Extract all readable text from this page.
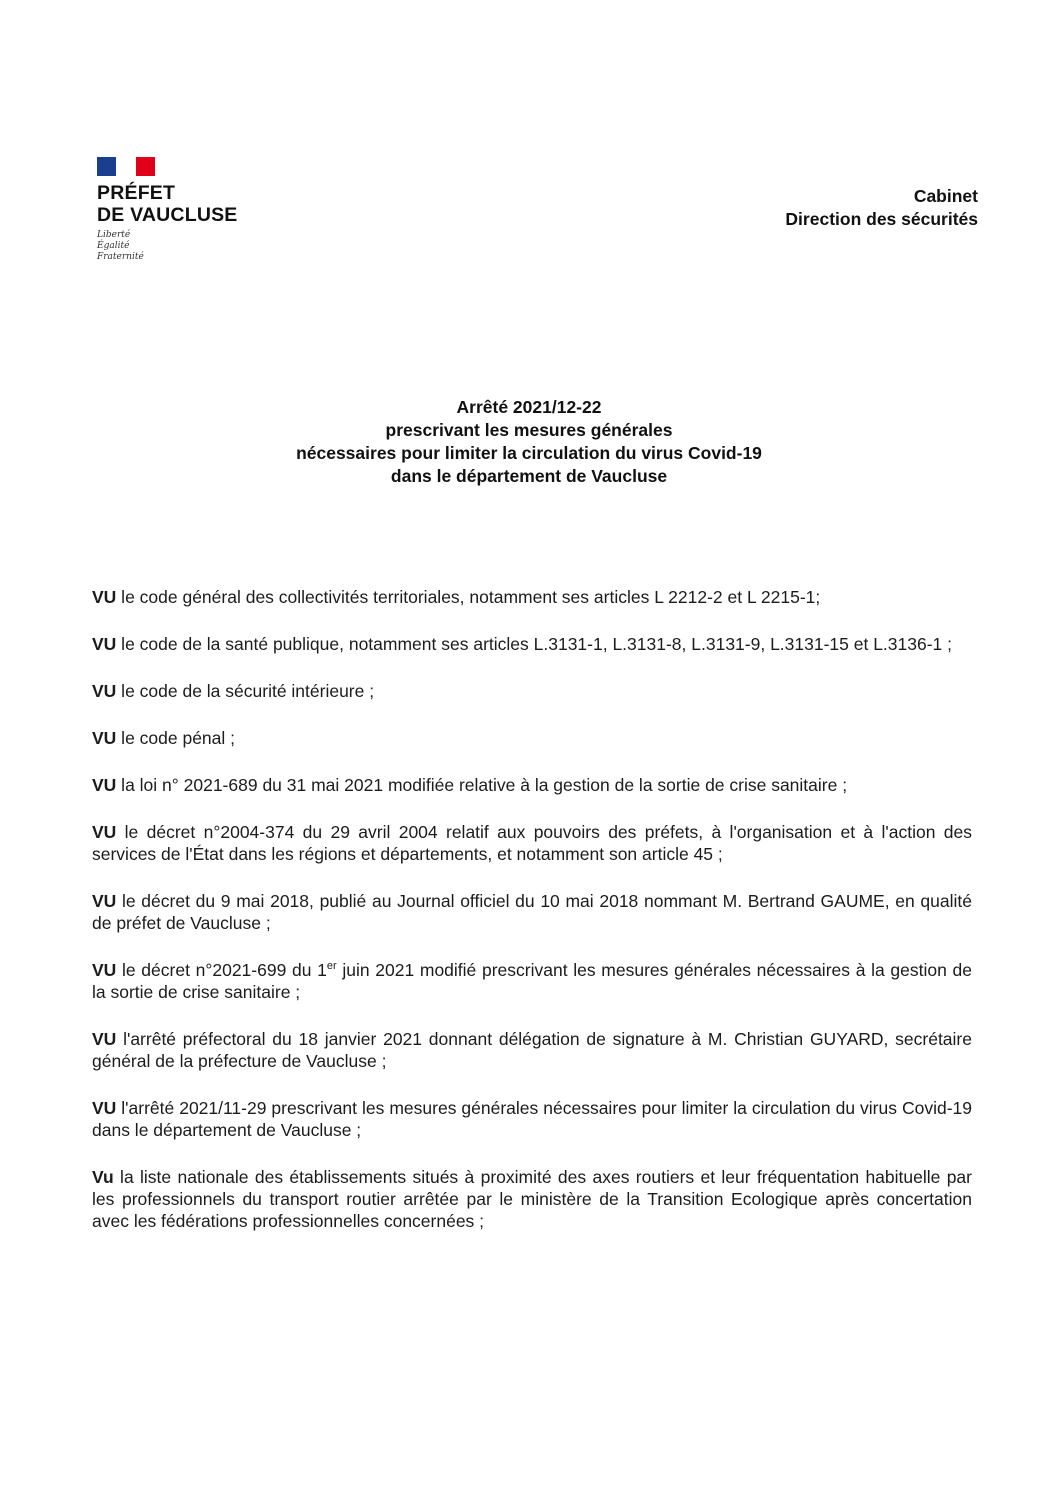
PRÉFET
DE VAUCLUSE
Liberté
Égalité
Fraternité
Cabinet
Direction des sécurités
Arrêté 2021/12-22
prescrivant les mesures générales
nécessaires pour limiter la circulation du virus Covid-19
dans le département de Vaucluse

VU le code général des collectivités territoriales, notamment ses articles L 2212-2 et L 2215-1;

VU le code de la santé publique, notamment ses articles L.3131-1, L.3131-8, L.3131-9, L.3131-15 et L.3136-1 ;

VU le code de la sécurité intérieure ;

VU le code pénal ;

VU la loi n° 2021-689 du 31 mai 2021 modifiée relative à la gestion de la sortie de crise sanitaire ;

VU le décret n°2004-374 du 29 avril 2004 relatif aux pouvoirs des préfets, à l'organisation et à l'action des services de l'État dans les régions et départements, et notamment son article 45 ;

VU le décret du 9 mai 2018, publié au Journal officiel du 10 mai 2018 nommant M. Bertrand GAUME, en qualité de préfet de Vaucluse ;

VU le décret n°2021-699 du 1er juin 2021 modifié prescrivant les mesures générales nécessaires à la gestion de la sortie de crise sanitaire ;

VU l'arrêté préfectoral du 18 janvier 2021 donnant délégation de signature à M. Christian GUYARD, secrétaire général de la préfecture de Vaucluse ;

VU l'arrêté 2021/11-29 prescrivant les mesures générales nécessaires pour limiter la circulation du virus Covid-19 dans le département de Vaucluse ;

Vu la liste nationale des établissements situés à proximité des axes routiers et leur fréquentation habituelle par les professionnels du transport routier arrêtée par le ministère de la Transition Ecologique après concertation avec les fédérations professionnelles concernées ;
